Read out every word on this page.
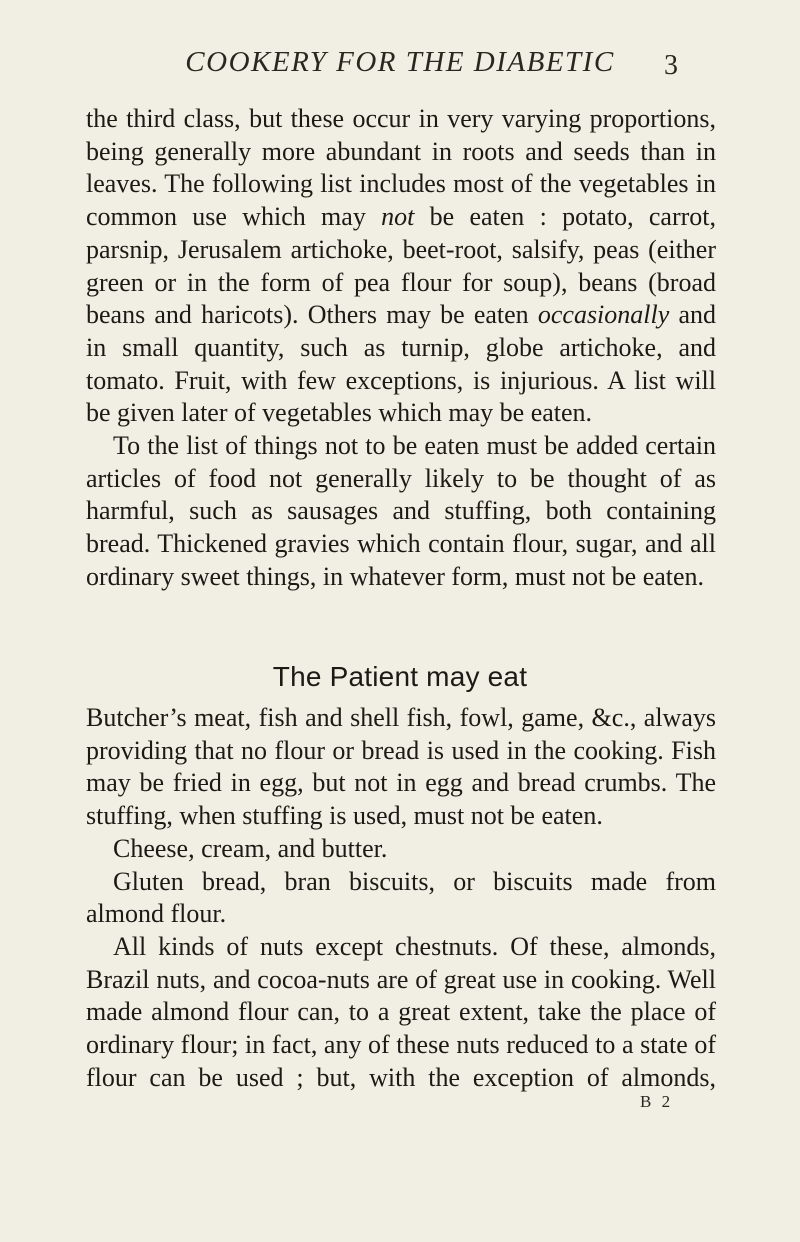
COOKERY FOR THE DIABETIC	3

the third class, but these occur in very varying proportions, being generally more abundant in roots and seeds than in leaves. The following list includes most of the vegetables in common use which may not be eaten : potato, carrot, parsnip, Jerusalem artichoke, beet-root, salsify, peas (either green or in the form of pea flour for soup), beans (broad beans and haricots). Others may be eaten occasionally and in small quantity, such as turnip, globe artichoke, and tomato. Fruit, with few exceptions, is injurious. A list will be given later of vegetables which may be eaten.

To the list of things not to be eaten must be added certain articles of food not generally likely to be thought of as harmful, such as sausages and stuffing, both containing bread. Thickened gravies which contain flour, sugar, and all ordinary sweet things, in whatever form, must not be eaten.

The Patient may eat

Butcher’s meat, fish and shell fish, fowl, game, &c., always providing that no flour or bread is used in the cooking. Fish may be fried in egg, but not in egg and bread crumbs. The stuffing, when stuffing is used, must not be eaten.

Cheese, cream, and butter.

Gluten bread, bran biscuits, or biscuits made from almond flour.

All kinds of nuts except chestnuts. Of these, almonds, Brazil nuts, and cocoa-nuts are of great use in cooking. Well made almond flour can, to a great extent, take the place of ordinary flour; in fact, any of these nuts reduced to a state of flour can be used ; but, with the exception of almonds,

B 2
